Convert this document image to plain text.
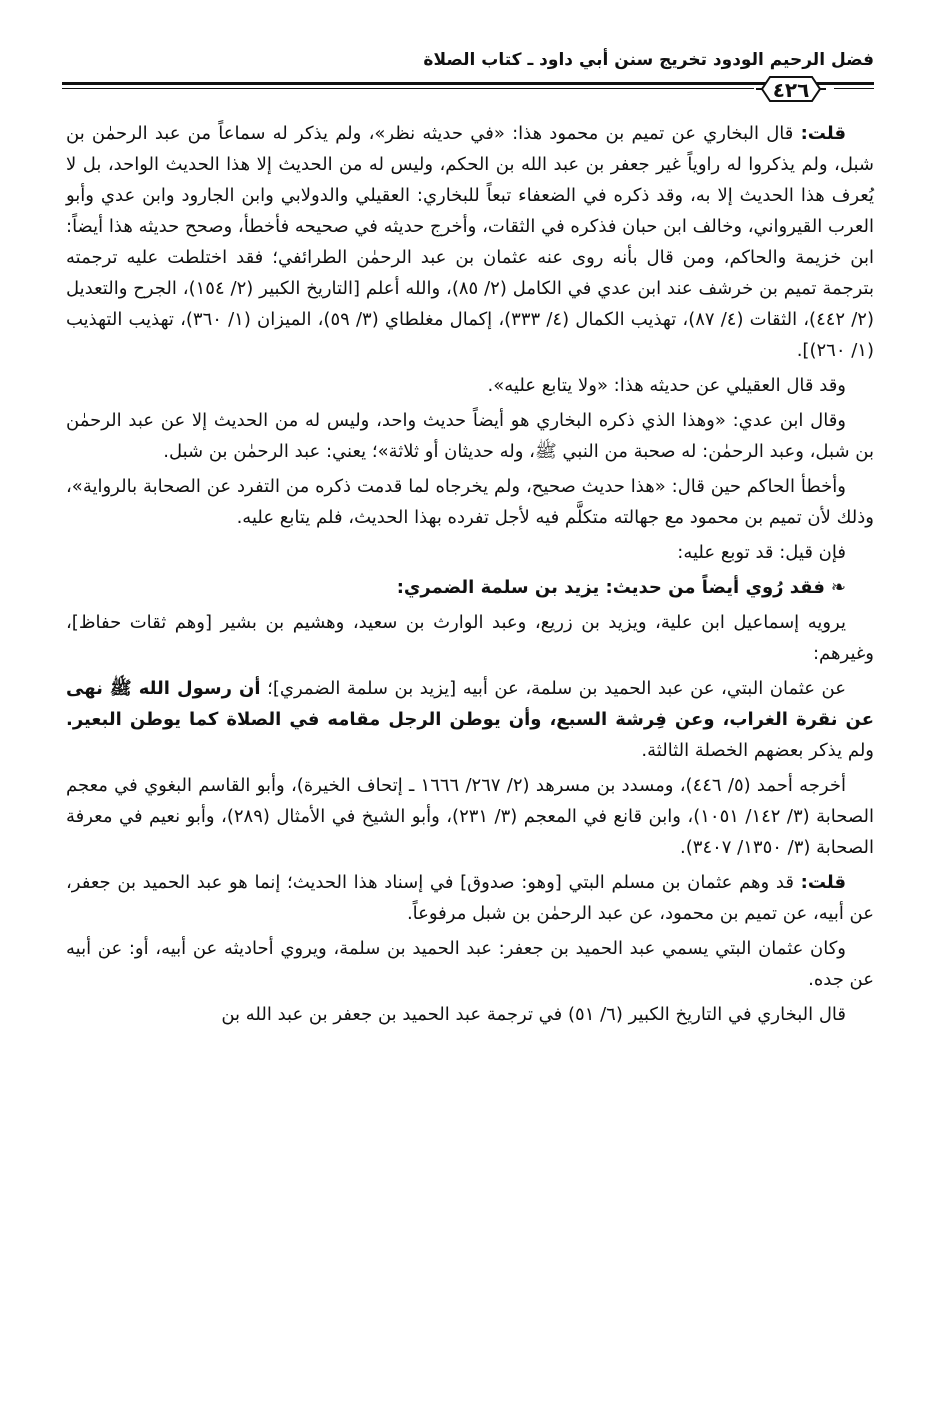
فضل الرحيم الودود تخريج سنن أبي داود ـ كتاب الصلاة
٤٢٦

قلت: قال البخاري عن تميم بن محمود هذا: «في حديثه نظر»، ولم يذكر له سماعاً من عبد الرحمٰن بن شبل، ولم يذكروا له راوياً غير جعفر بن عبد الله بن الحكم، وليس له من الحديث إلا هذا الحديث الواحد، بل لا يُعرف هذا الحديث إلا به، وقد ذكره في الضعفاء تبعاً للبخاري: العقيلي والدولابي وابن الجارود وابن عدي وأبو العرب القيرواني، وخالف ابن حبان فذكره في الثقات، وأخرج حديثه في صحيحه فأخطأ، وصحح حديثه هذا أيضاً: ابن خزيمة والحاكم، ومن قال بأنه روى عنه عثمان بن عبد الرحمٰن الطرائفي؛ فقد اختلطت عليه ترجمته بترجمة تميم بن خرشف عند ابن عدي في الكامل (٢/ ٨٥)، والله أعلم [التاريخ الكبير (٢/ ١٥٤)، الجرح والتعديل (٢/ ٤٤٢)، الثقات (٤/ ٨٧)، تهذيب الكمال (٤/ ٣٣٣)، إكمال مغلطاي (٣/ ٥٩)، الميزان (١/ ٣٦٠)، تهذيب التهذيب (١/ ٢٦٠)].

وقد قال العقيلي عن حديثه هذا: «ولا يتابع عليه».

وقال ابن عدي: «وهذا الذي ذكره البخاري هو أيضاً حديث واحد، وليس له من الحديث إلا عن عبد الرحمٰن بن شبل، وعبد الرحمٰن: له صحبة من النبي ﷺ، وله حديثان أو ثلاثة»؛ يعني: عبد الرحمٰن بن شبل.

وأخطأ الحاكم حين قال: «هذا حديث صحيح، ولم يخرجاه لما قدمت ذكره من التفرد عن الصحابة بالرواية»، وذلك لأن تميم بن محمود مع جهالته متكلَّم فيه لأجل تفرده بهذا الحديث، فلم يتابع عليه.

فإن قيل: قد توبع عليه:

❧فقد رُوي أيضاً من حديث: يزيد بن سلمة الضمري:

يرويه إسماعيل ابن علية، ويزيد بن زريع، وعبد الوارث بن سعيد، وهشيم بن بشير [وهم ثقات حفاظ]، وغيرهم:

عن عثمان البتي، عن عبد الحميد بن سلمة، عن أبيه [يزيد بن سلمة الضمري]؛ أن رسول الله ﷺ نهى عن نقرة الغراب، وعن فِرشة السبع، وأن يوطن الرجل مقامه في الصلاة كما يوطن البعير. ولم يذكر بعضهم الخصلة الثالثة.

أخرجه أحمد (٥/ ٤٤٦)، ومسدد بن مسرهد (٢/ ٢٦٧/ ١٦٦٦ ـ إتحاف الخيرة)، وأبو القاسم البغوي في معجم الصحابة (٣/ ١٤٢/ ١٠٥١)، وابن قانع في المعجم (٣/ ٢٣١)، وأبو الشيخ في الأمثال (٢٨٩)، وأبو نعيم في معرفة الصحابة (٣/ ١٣٥٠/ ٣٤٠٧).

قلت: قد وهم عثمان بن مسلم البتي [وهو: صدوق] في إسناد هذا الحديث؛ إنما هو عبد الحميد بن جعفر، عن أبيه، عن تميم بن محمود، عن عبد الرحمٰن بن شبل مرفوعاً.

وكان عثمان البتي يسمي عبد الحميد بن جعفر: عبد الحميد بن سلمة، ويروي أحاديثه عن أبيه، أو: عن أبيه عن جده.

قال البخاري في التاريخ الكبير (٦/ ٥١) في ترجمة عبد الحميد بن جعفر بن عبد الله بن
